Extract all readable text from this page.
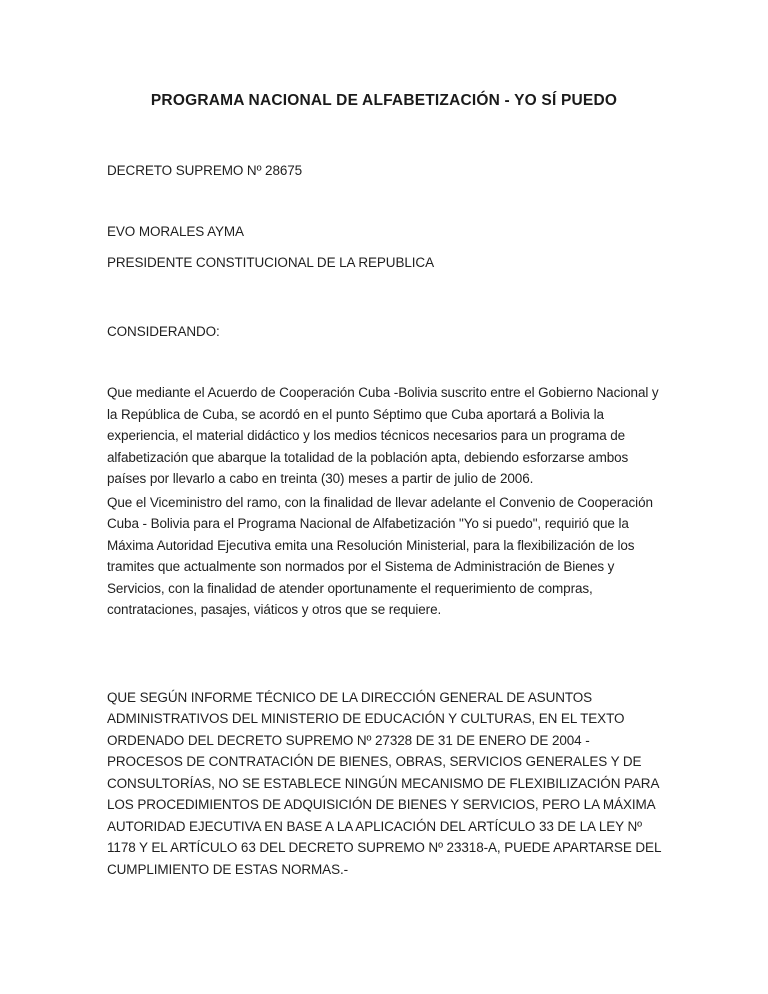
PROGRAMA NACIONAL DE ALFABETIZACIÓN - YO SÍ PUEDO

DECRETO SUPREMO Nº 28675

EVO MORALES AYMA

PRESIDENTE CONSTITUCIONAL DE LA REPUBLICA

CONSIDERANDO:

Que mediante el Acuerdo de Cooperación Cuba -Bolivia suscrito entre el Gobierno Nacional y la República de Cuba, se acordó en el punto Séptimo que Cuba aportará a Bolivia la experiencia, el material didáctico y los medios técnicos necesarios para un programa de alfabetización que abarque la totalidad de la población apta, debiendo esforzarse ambos países por llevarlo a cabo en treinta (30) meses a partir de julio de 2006.

Que el Viceministro del ramo, con la finalidad de llevar adelante el Convenio de Cooperación Cuba - Bolivia para el Programa Nacional de Alfabetización "Yo si puedo", requirió que la Máxima Autoridad Ejecutiva emita una Resolución Ministerial, para la flexibilización de los tramites que actualmente son normados por el Sistema de Administración de Bienes y Servicios, con la finalidad de atender oportunamente el requerimiento de compras, contrataciones, pasajes, viáticos y otros que se requiere.

QUE SEGÚN INFORME TÉCNICO DE LA DIRECCIÓN GENERAL DE ASUNTOS ADMINISTRATIVOS DEL MINISTERIO DE EDUCACIÓN Y CULTURAS, EN EL TEXTO ORDENADO DEL DECRETO SUPREMO Nº 27328 DE 31 DE ENERO DE 2004 -PROCESOS DE CONTRATACIÓN DE BIENES, OBRAS, SERVICIOS GENERALES Y DE CONSULTORÍAS, NO SE ESTABLECE NINGÚN MECANISMO DE FLEXIBILIZACIÓN PARA LOS PROCEDIMIENTOS DE ADQUISICIÓN DE BIENES Y SERVICIOS, PERO LA MÁXIMA AUTORIDAD EJECUTIVA EN BASE A LA APLICACIÓN DEL ARTÍCULO 33 DE LA LEY Nº 1178 Y EL ARTÍCULO 63 DEL DECRETO SUPREMO Nº 23318-A, PUEDE APARTARSE DEL CUMPLIMIENTO DE ESTAS NORMAS.-
